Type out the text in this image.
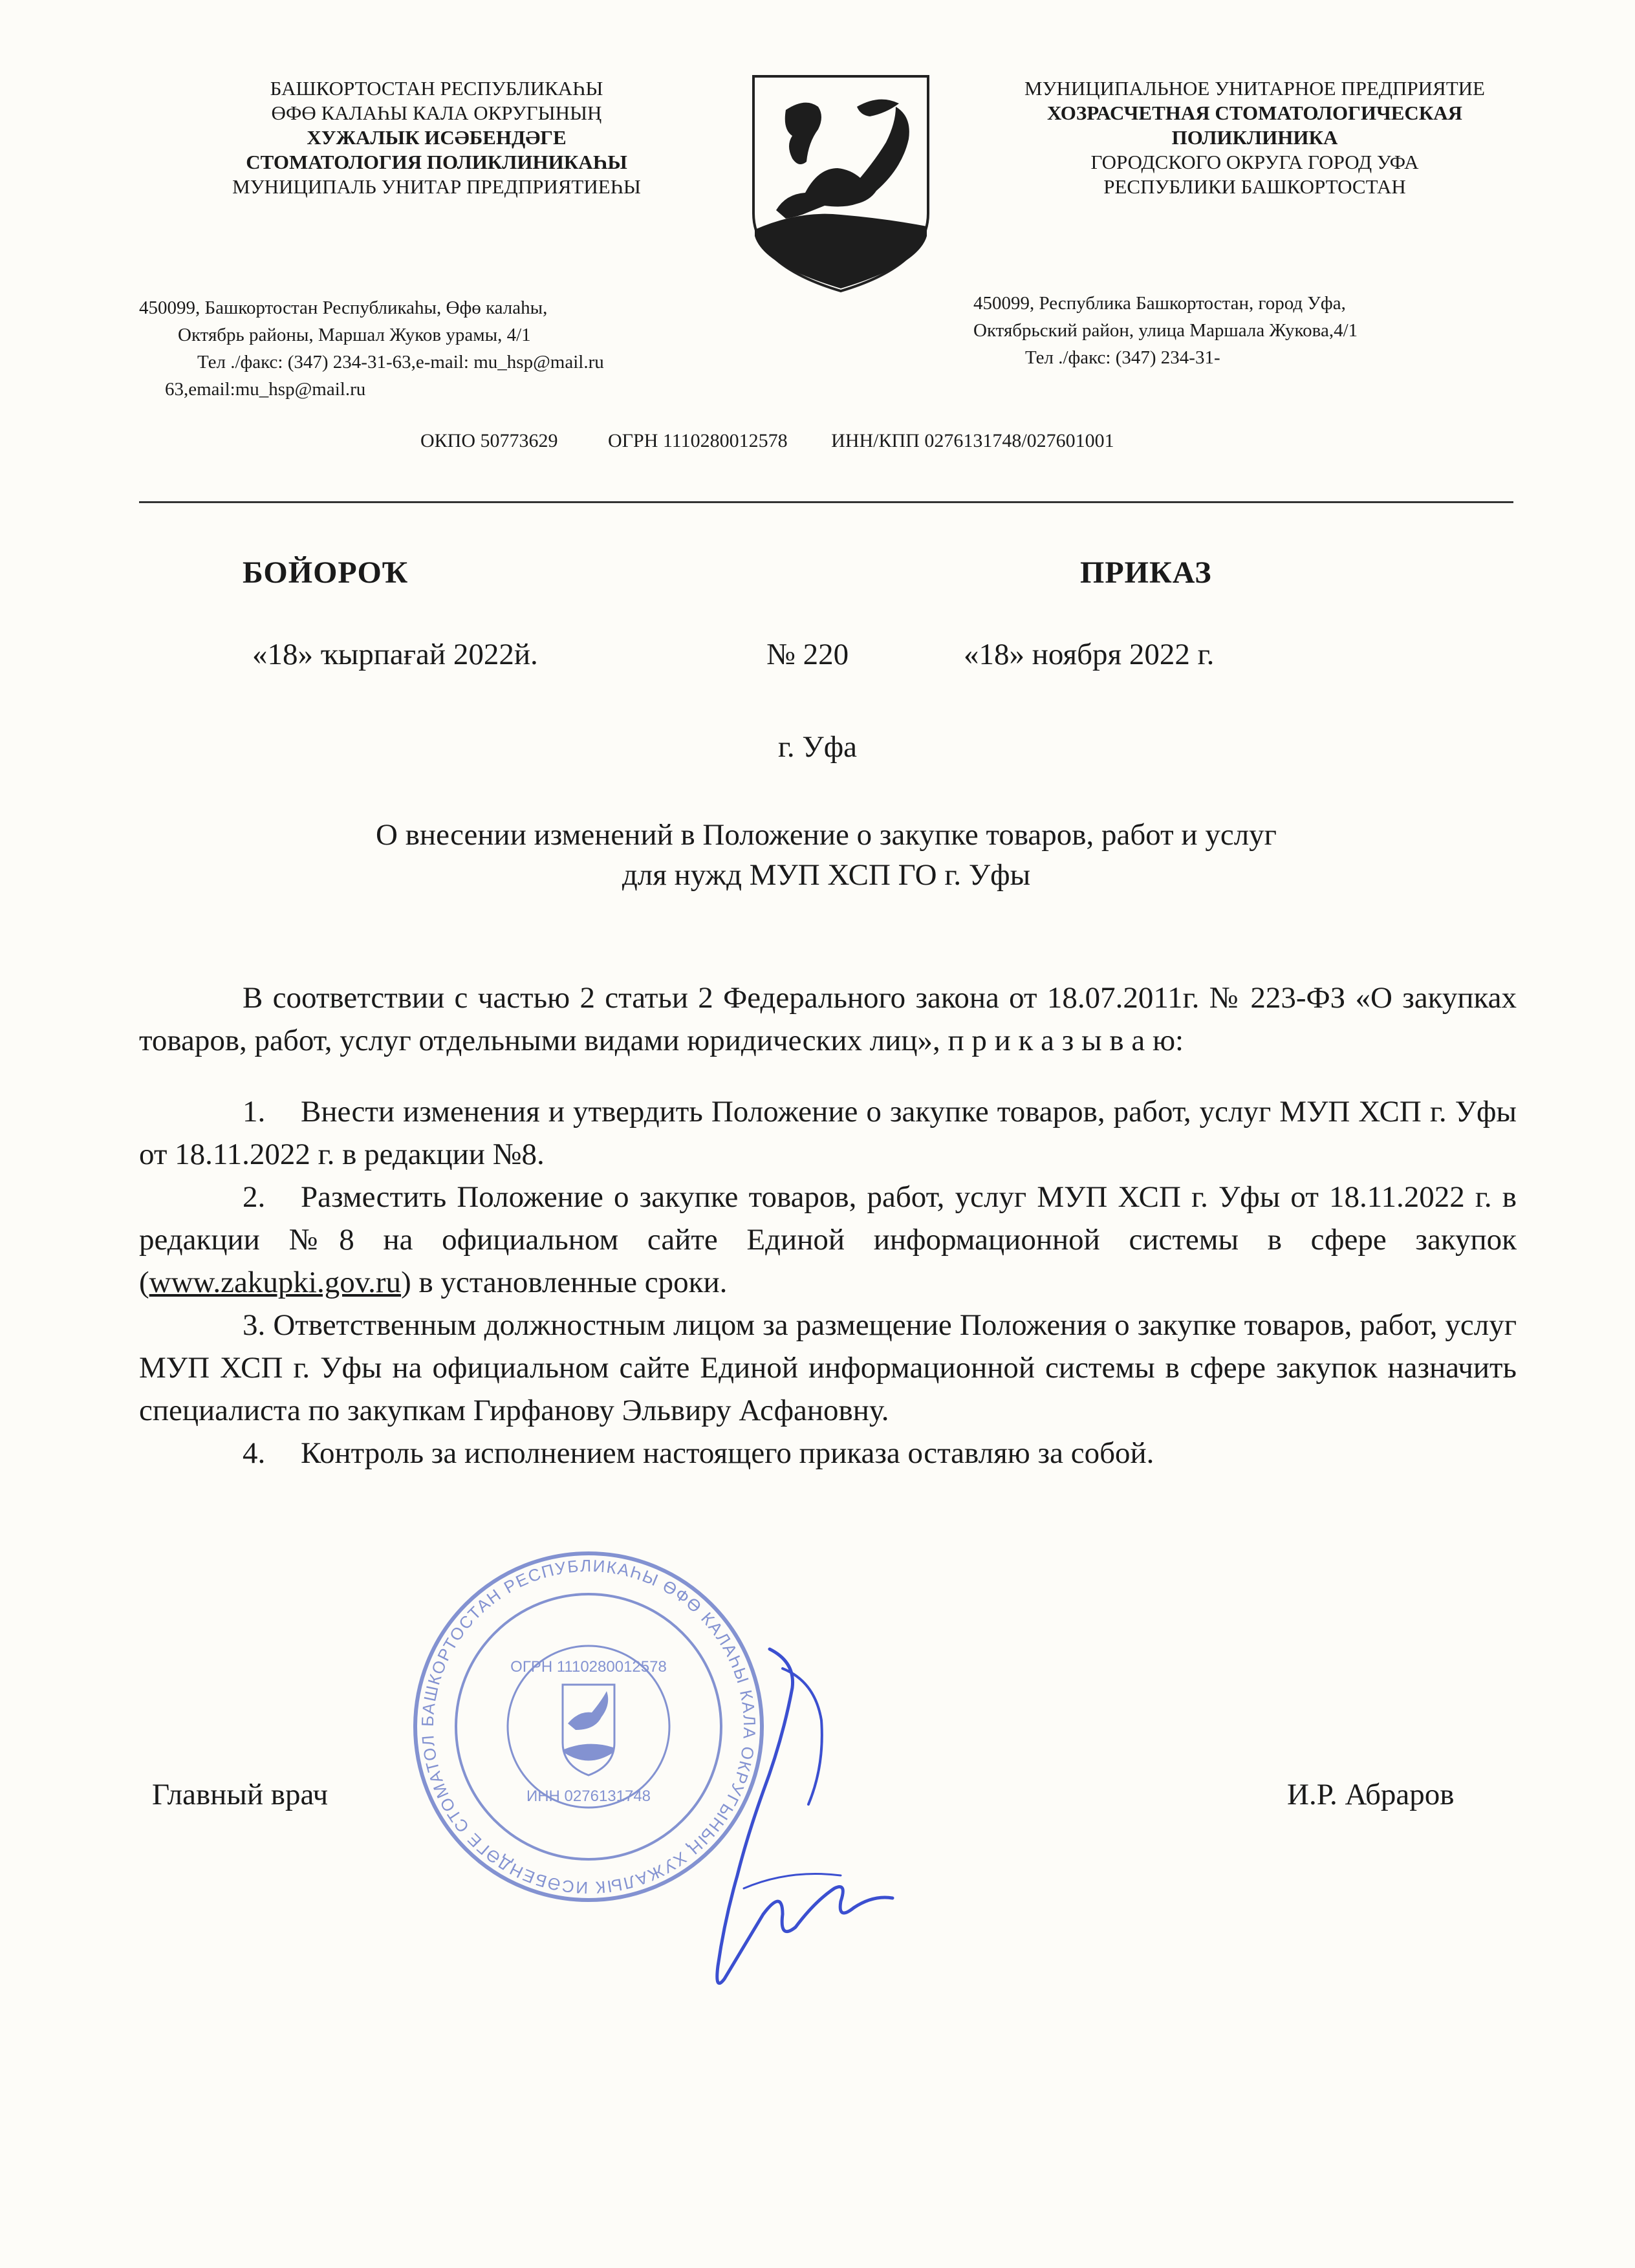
БАШКОРТОСТАН РЕСПУБЛИКАҺЫ
ӨФӨ КАЛАҺЫ КАЛА ОКРУГЫНЫҢ
ХУЖАЛЫК ИСӘБЕНДӘГЕ
СТОМАТОЛОГИЯ ПОЛИКЛИНИКАҺЫ
МУНИЦИПАЛЬ УНИТАР ПРЕДПРИЯТИЕҺЫ
МУНИЦИПАЛЬНОЕ УНИТАРНОЕ ПРЕДПРИЯТИЕ
ХОЗРАСЧЕТНАЯ СТОМАТОЛОГИЧЕСКАЯ
ПОЛИКЛИНИКА
ГОРОДСКОГО ОКРУГА ГОРОД УФА
РЕСПУБЛИКИ БАШКОРТОСТАН
450099, Башкортостан Республикаhы, Өфө калаhы,
Октябрь районы, Маршал Жуков урамы, 4/1
Тел ./факс: (347) 234-31-63,e-mail: mu_hsp@mail.ru
63,email:mu_hsp@mail.ru
450099, Республика Башкортостан, город Уфа,
Октябрьский район, улица Маршала Жукова,4/1
Тел ./факс: (347) 234-31-
ОКПО 50773629	ОГРН 1110280012578 ИНН/КПП 0276131748/027601001
БОЙОРОҠ	ПРИКАЗ
«18» ҡырпағай 2022й.	№ 220	«18» ноября 2022 г.
г. Уфа
О внесении изменений в Положение о закупке товаров, работ и услуг
для нужд МУП ХСП ГО г. Уфы

В соответствии с частью 2 статьи 2 Федерального закона от 18.07.2011г. № 223-ФЗ «О закупках товаров, работ, услуг отдельными видами юридических лиц», п р и к а з ы в а ю:

1. Внести изменения и утвердить Положение о закупке товаров, работ, услуг МУП ХСП г. Уфы от 18.11.2022 г. в редакции №8.

2. Разместить Положение о закупке товаров, работ, услуг МУП ХСП г. Уфы от 18.11.2022 г. в редакции №8 на официальном сайте Единой информационной системы в сфере закупок (www.zakupki.gov.ru) в установленные сроки.

3. Ответственным должностным лицом за размещение Положения о закупке товаров, работ, услуг МУП ХСП г. Уфы на официальном сайте Единой информационной системы в сфере закупок назначить специалиста по закупкам Гирфанову Эльвиру Асфановну.

4. Контроль за исполнением настоящего приказа оставляю за собой.

БАШКОРТОСТАН РЕСПУБЛИКАҺЫ ӨФӨ КАЛАҺЫ КАЛА ОКРУГЫНЫҢ ХУЖАЛЫК ИСӘБЕНДӘГЕ СТОМАТОЛ
ОГРН 1110280012578
ИНН 0276131748
Главный врач	И.Р. Абраров
